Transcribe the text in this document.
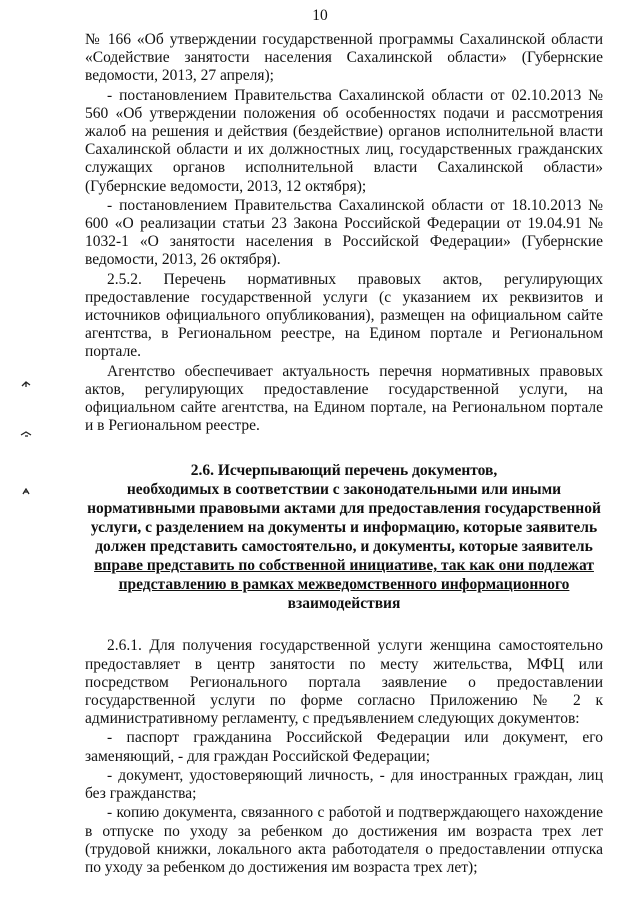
10

№ 166 «Об утверждении государственной программы Сахалинской области «Содействие занятости населения Сахалинской области» (Губернские ведомости, 2013, 27 апреля);

- постановлением Правительства Сахалинской области от 02.10.2013 № 560 «Об утверждении положения об особенностях подачи и рассмотрения жалоб на решения и действия (бездействие) органов исполнительной власти Сахалинской области и их должностных лиц, государственных гражданских служащих органов исполнительной власти Сахалинской области» (Губернские ведомости, 2013, 12 октября);

- постановлением Правительства Сахалинской области от 18.10.2013 № 600 «О реализации статьи 23 Закона Российской Федерации от 19.04.91 № 1032-1 «О занятости населения в Российской Федерации» (Губернские ведомости, 2013, 26 октября).

2.5.2. Перечень нормативных правовых актов, регулирующих предоставление государственной услуги (с указанием их реквизитов и источников официального опубликования), размещен на официальном сайте агентства, в Региональном реестре, на Едином портале и Региональном портале.

Агентство обеспечивает актуальность перечня нормативных правовых актов, регулирующих предоставление государственной услуги, на официальном сайте агентства, на Едином портале, на Региональном портале и в Региональном реестре.

2.6. Исчерпывающий перечень документов,
необходимых в соответствии с законодательными или иными
нормативными правовыми актами для предоставления государственной
услуги, с разделением на документы и информацию, которые заявитель
должен представить самостоятельно, и документы, которые заявитель
вправе представить по собственной инициативе, так как они подлежат
представлению в рамках межведомственного информационного
взаимодействия

2.6.1. Для получения государственной услуги женщина самостоятельно предоставляет в центр занятости по месту жительства, МФЦ или посредством Регионального портала заявление о предоставлении государственной услуги по форме согласно Приложению № 2 к административному регламенту, с предъявлением следующих документов:

- паспорт гражданина Российской Федерации или документ, его заменяющий, - для граждан Российской Федерации;

- документ, удостоверяющий личность, - для иностранных граждан, лиц без гражданства;

- копию документа, связанного с работой и подтверждающего нахождение в отпуске по уходу за ребенком до достижения им возраста трех лет (трудовой книжки, локального акта работодателя о предоставлении отпуска по уходу за ребенком до достижения им возраста трех лет);
